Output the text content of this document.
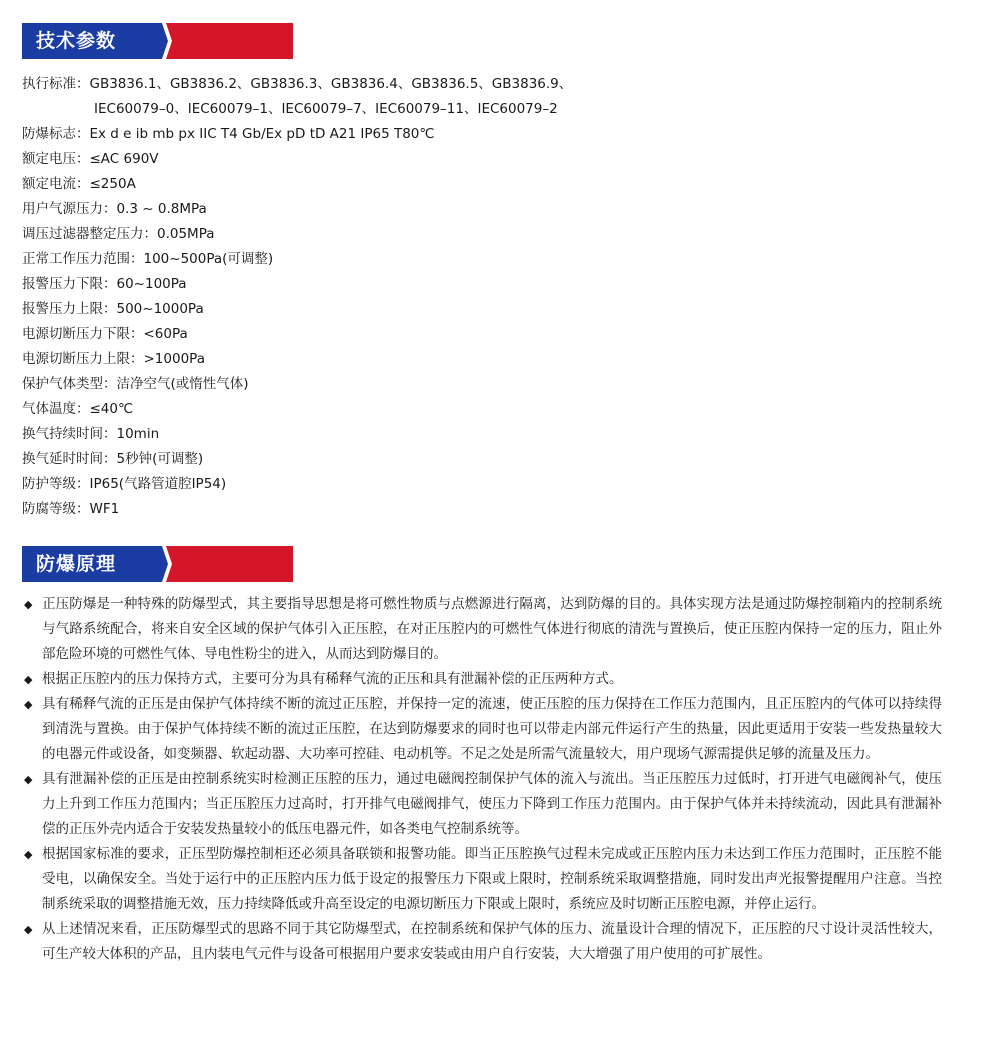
技术参数
执行标准：GB3836.1、GB3836.2、GB3836.3、GB3836.4、GB3836.5、GB3836.9、
IEC60079–0、IEC60079–1、IEC60079–7、IEC60079–11、IEC60079–2
防爆标志：Ex d e ib mb px IIC T4 Gb/Ex pD tD A21 IP65 T80℃
额定电压：≤AC 690V
额定电流：≤250A
用户气源压力：0.3 ~ 0.8MPa
调压过滤器整定压力：0.05MPa
正常工作压力范围：100~500Pa(可调整)
报警压力下限：60~100Pa
报警压力上限：500~1000Pa
电源切断压力下限：<60Pa
电源切断压力上限：>1000Pa
保护气体类型：洁净空气(或惰性气体)
气体温度：≤40℃
换气持续时间：10min
换气延时时间：5秒钟(可调整)
防护等级：IP65(气路管道腔IP54)
防腐等级：WF1
防爆原理
◆ 正压防爆是一种特殊的防爆型式，其主要指导思想是将可燃性物质与点燃源进行隔离，达到防爆的目的。具体实现方法是通过防爆控制箱内的控制系统与气路系统配合，将来自安全区域的保护气体引入正压腔，在对正压腔内的可燃性气体进行彻底的清洗与置换后，使正压腔内保持一定的压力，阻止外部危险环境的可燃性气体、导电性粉尘的进入，从而达到防爆目的。
◆ 根据正压腔内的压力保持方式，主要可分为具有稀释气流的正压和具有泄漏补偿的正压两种方式。
◆ 具有稀释气流的正压是由保护气体持续不断的流过正压腔，并保持一定的流速，使正压腔的压力保持在工作压力范围内，且正压腔内的气体可以持续得到清洗与置换。由于保护气体持续不断的流过正压腔，在达到防爆要求的同时也可以带走内部元件运行产生的热量，因此更适用于安装一些发热量较大的电器元件或设备，如变频器、软起动器、大功率可控硅、电动机等。不足之处是所需气流量较大，用户现场气源需提供足够的流量及压力。
◆ 具有泄漏补偿的正压是由控制系统实时检测正压腔的压力，通过电磁阀控制保护气体的流入与流出。当正压腔压力过低时，打开进气电磁阀补气，使压力上升到工作压力范围内；当正压腔压力过高时，打开排气电磁阀排气，使压力下降到工作压力范围内。由于保护气体并未持续流动，因此具有泄漏补偿的正压外壳内适合于安装发热量较小的低压电器元件，如各类电气控制系统等。
◆ 根据国家标准的要求，正压型防爆控制柜还必须具备联锁和报警功能。即当正压腔换气过程未完成或正压腔内压力未达到工作压力范围时，正压腔不能受电，以确保安全。当处于运行中的正压腔内压力低于设定的报警压力下限或上限时，控制系统采取调整措施，同时发出声光报警提醒用户注意。当控制系统采取的调整措施无效，压力持续降低或升高至设定的电源切断压力下限或上限时，系统应及时切断正压腔电源，并停止运行。
◆ 从上述情况来看，正压防爆型式的思路不同于其它防爆型式，在控制系统和保护气体的压力、流量设计合理的情况下，正压腔的尺寸设计灵活性较大，可生产较大体积的产品，且内装电气元件与设备可根据用户要求安装或由用户自行安装，大大增强了用户使用的可扩展性。
